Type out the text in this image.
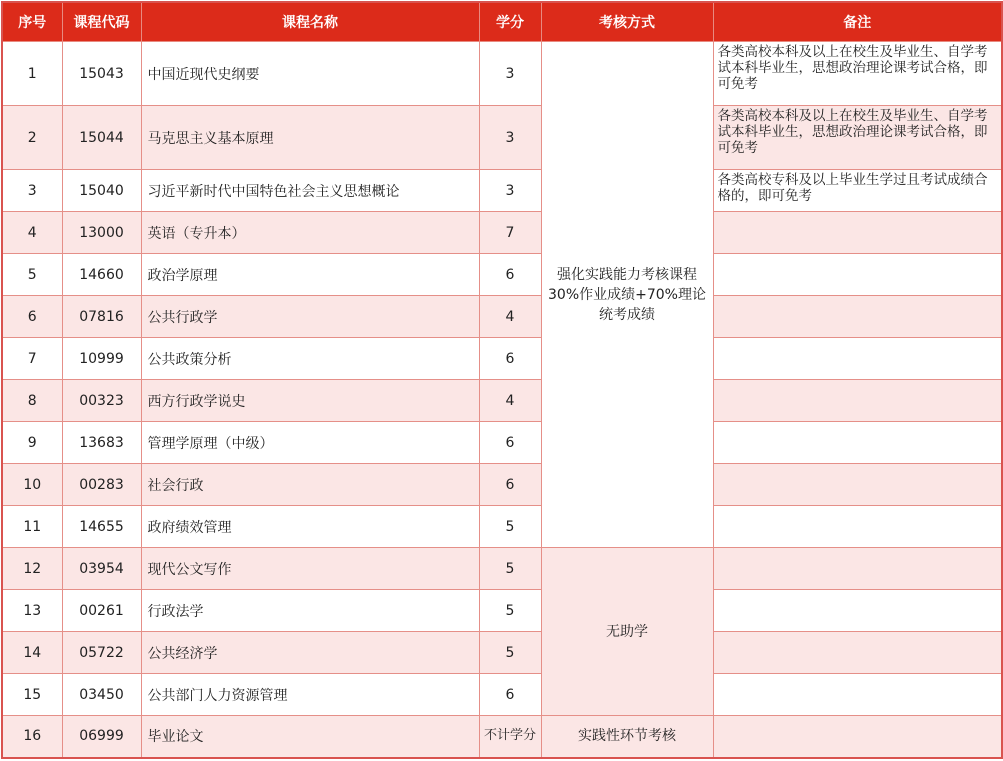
序号	课程代码	课程名称	学分	考核方式	备注
1	15043	中国近现代史纲要	3	强化实践能力考核课程30%作业成绩+70%理论统考成绩	各类高校本科及以上在校生及毕业生、自学考试本科毕业生，思想政治理论课考试合格，即可免考
2	15044	马克思主义基本原理	3		各类高校本科及以上在校生及毕业生、自学考试本科毕业生，思想政治理论课考试合格，即可免考
3	15040	习近平新时代中国特色社会主义思想概论	3		各类高校专科及以上毕业生学过且考试成绩合格的，即可免考
4	13000	英语（专升本）	7		
5	14660	政治学原理	6		
6	07816	公共行政学	4		
7	10999	公共政策分析	6		
8	00323	西方行政学说史	4		
9	13683	管理学原理（中级）	6		
10	00283	社会行政	6		
11	14655	政府绩效管理	5		
12	03954	现代公文写作	5	无助学	
13	00261	行政法学	5		
14	05722	公共经济学	5		
15	03450	公共部门人力资源管理	6		
16	06999	毕业论文	不计学分	实践性环节考核	
